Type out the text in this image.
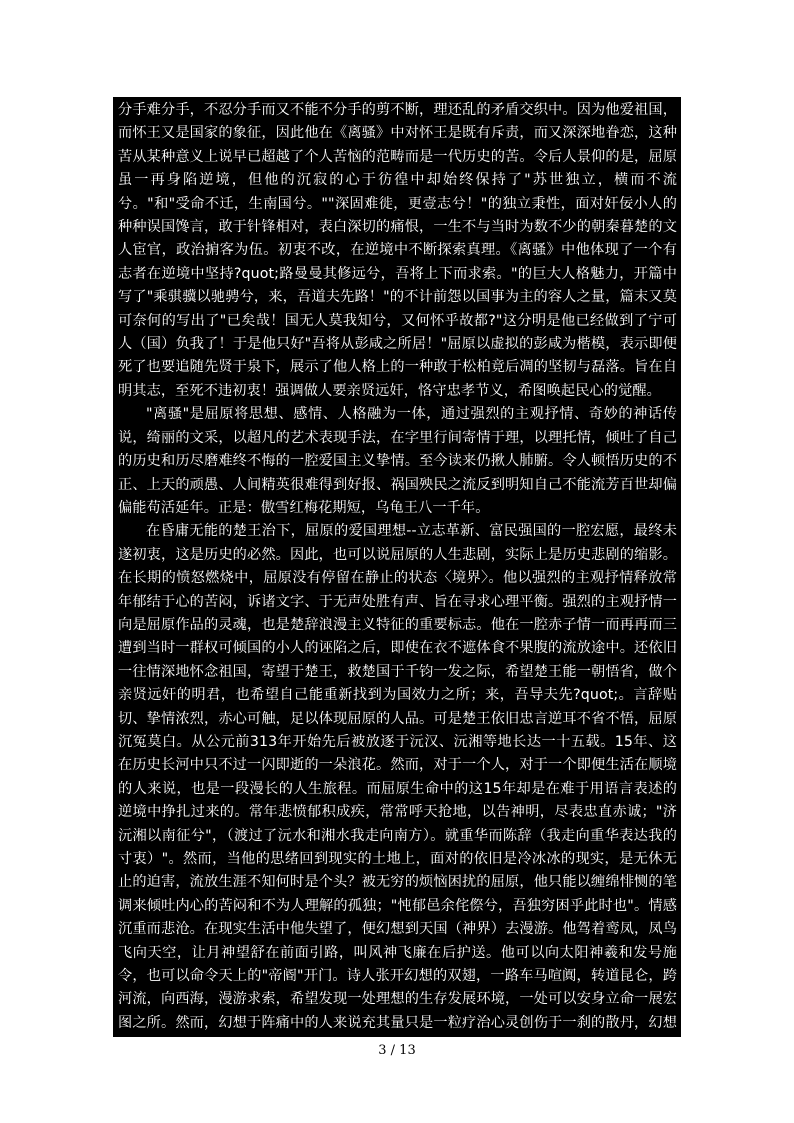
分手难分手，不忍分手而又不能不分手的剪不断，理还乱的矛盾交织中。因为他爱祖国，而怀王又是国家的象征，因此他在《离骚》中对怀王是既有斥责，而又深深地眷恋，这种苦从某种意义上说早已超越了个人苦恼的范畴而是一代历史的苦。令后人景仰的是，屈原虽一再身陷逆境，但他的沉寂的心于彷徨中却始终保持了"苏世独立，横而不流兮。"和"受命不迁，生南国兮。""深固难徙，更壹志兮！"的独立秉性，面对奸佞小人的种种误国馋言，敢于针锋相对，表白深切的痛恨，一生不与当时为数不少的朝秦暮楚的文人宦官，政治掮客为伍。初衷不改，在逆境中不断探索真理。《离骚》中他体现了一个有志者在逆境中坚持?quot;路曼曼其修远兮，吾将上下而求索。"的巨大人格魅力，开篇中写了"乘骐骥以驰骋兮，来，吾道夫先路！"的不计前怨以国事为主的容人之量，篇末又莫可奈何的写出了"已矣哉！国无人莫我知兮，又何怀乎故都?"这分明是他已经做到了宁可人（国）负我了！于是他只好"吾将从彭咸之所居！"屈原以虚拟的彭咸为楷模，表示即便死了也要追随先贤于泉下，展示了他人格上的一种敢于松柏竟后凋的坚韧与磊落。旨在自明其志，至死不违初衷！强调做人要亲贤远奸，恪守忠孝节义，希图唤起民心的觉醒。

"离骚"是屈原将思想、感情、人格融为一体，通过强烈的主观抒情、奇妙的神话传说，绮丽的文采，以超凡的艺术表现手法，在字里行间寄情于理，以理托情，倾吐了自己的历史和历尽磨难终不悔的一腔爱国主义挚情。至今读来仍揪人肺腑。令人顿悟历史的不正、上天的顽愚、人间精英很难得到好报、祸国殃民之流反到明知自己不能流芳百世却偏偏能苟活延年。正是：傲雪红梅花期短，乌龟王八一千年。

在昏庸无能的楚王治下，屈原的爱国理想--立志革新、富民强国的一腔宏愿，最终未遂初衷，这是历史的必然。因此，也可以说屈原的人生悲剧，实际上是历史悲剧的缩影。在长期的愤怒燃烧中，屈原没有停留在静止的状态〈境界〉。他以强烈的主观抒情释放常年郁结于心的苦闷，诉诸文字、于无声处胜有声、旨在寻求心理平衡。强烈的主观抒情一向是屈原作品的灵魂，也是楚辞浪漫主义特征的重要标志。他在一腔赤子情一而再再而三遭到当时一群权可倾国的小人的诬陷之后，即使在衣不遮体食不果腹的流放途中。还依旧一往情深地怀念祖国，寄望于楚王，救楚国于千钧一发之际，希望楚王能一朝悟省，做个亲贤远奸的明君，也希望自己能重新找到为国效力之所；来，吾导夫先?quot;。言辞贴切、挚情浓烈，赤心可触，足以体现屈原的人品。可是楚王依旧忠言逆耳不省不悟，屈原沉冤莫白。从公元前313年开始先后被放逐于沅汉、沅湘等地长达一十五载。15年、这在历史长河中只不过一闪即逝的一朵浪花。然而，对于一个人，对于一个即便生活在顺境的人来说，也是一段漫长的人生旅程。而屈原生命中的这15年却是在难于用语言表述的逆境中挣扎过来的。常年悲愤郁积成疾，常常呼天抢地，以告神明，尽表忠直赤诚；"济沅湘以南征兮"，（渡过了沅水和湘水我走向南方）。就重华而陈辞（我走向重华表达我的寸衷）"。然而，当他的思绪回到现实的土地上，面对的依旧是冷冰冰的现实，是无休无止的迫害，流放生涯不知何时是个头？被无穷的烦恼困扰的屈原，他只能以缠绵悱恻的笔调来倾吐内心的苦闷和不为人理解的孤独；"忳郁邑余侘傺兮，吾独穷困乎此时也"。情感沉重而悲沧。在现实生活中他失望了，便幻想到天国（神界）去漫游。他驾着鸾凤，凤鸟飞向天空，让月神望舒在前面引路，叫风神飞廉在后护送。他可以向太阳神羲和发号施令，也可以命令天上的"帝阍"开门。诗人张开幻想的双翅，一路车马喧阗，转道昆仑，跨河流，向西海，漫游求索，希望发现一处理想的生存发展环境，一处可以安身立命一展宏图之所。然而，幻想于阵痛中的人来说充其量只是一粒疗治心灵创伤于一刹的散丹，幻想

3 / 13
